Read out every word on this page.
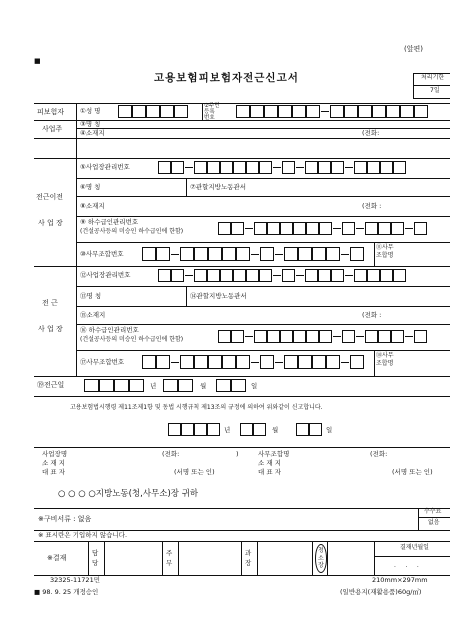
(앞편)
■
고용보험피보험자전근신고서	처리기한
7일
피보험자 ①성 명
②주민
등록
번호
사업주
③명 칭
④소재지	(전화:
전근이전
사 업 장
⑤사업장관리번호
⑥명 칭	⑦관할지방노동관서
⑧소재지	(전화 :
⑨ 하수급인관리번호
(건설공사등의 미승인 하수급인에 한함)
⑩사무조합번호
⑪사무
조합명
전 근
사 업 장
⑫사업장관리번호
⑬명 칭	⑭관할지방노동관서
⑮소재지	(전화 :
⑯ 하수급인관리번호
(건설공사등의 미승인 하수급인에 한함)
⑰사무조합번호
⑱사무
조합명
⑲전근일	년	월	일
고용보험법시행령 제11조제1항 및 동법 시행규칙 제13조의 규정에 의하여 위와같이 신고합니다.
년	월	일
사업장명	(전화:	)
소 재 지
대 표 자	(서명 또는 인)
사무조합명	(전화:
소 재 지
대 표 자	(서명 또는 인)
○ ○ ○ ○지방노동(청,사무소)장 귀하
※구비서류 : 없음
수수료
없음
※ 표시란은 기입하지 않습니다.
※결재
담
당
주
무
과
장
청
소
장
결재년월일
.     .     .
32325-11721민	210mm×297mm
■ 98. 9. 25 개정승인	(일반용지(재활용품)60g/㎡)
